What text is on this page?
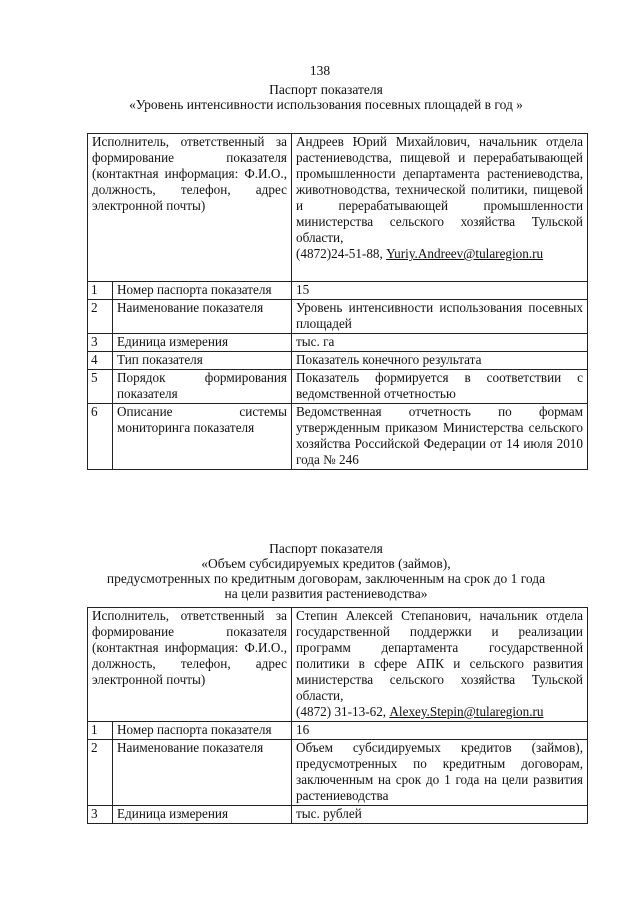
138
Паспорт показателя
«Уровень интенсивности использования посевных площадей в год »
Исполнитель, ответственный за формирование показателя (контактная информация: Ф.И.О., должность, телефон, адрес электронной почты)		Андреев Юрий Михайлович, начальник отдела растениеводства, пищевой и перерабатывающей промышленности департамента растениеводства, животноводства, технической политики, пищевой и перерабатывающей промышленности министерства сельского хозяйства Тульской области,
(4872)24-51-88, Yuriy.Andreev@tularegion.ru

1	Номер паспорта показателя	15
2	Наименование показателя	Уровень интенсивности использования посевных площадей
3	Единица измерения	тыс. га
4	Тип показателя	Показатель конечного результата
5	Порядок формирования показателя	Показатель формируется в соответствии с ведомственной отчетностью
6	Описание системы мониторинга показателя	Ведомственная отчетность по формам утвержденным приказом Министерства сельского хозяйства Российской Федерации от 14 июля 2010 года № 246
Паспорт показателя
«Объем субсидируемых кредитов (займов),
предусмотренных по кредитным договорам, заключенным на срок до 1 года
на цели развития растениеводства»
Исполнитель, ответственный за формирование показателя (контактная информация: Ф.И.О., должность, телефон, адрес электронной почты)		Степин Алексей Степанович, начальник отдела государственной поддержки и реализации программ департамента государственной политики в сфере АПК и сельского развития министерства сельского хозяйства Тульской области,
(4872) 31-13-62, Alexey.Stepin@tularegion.ru
1	Номер паспорта показателя	16
2	Наименование показателя	Объем субсидируемых кредитов (займов), предусмотренных по кредитным договорам, заключенным на срок до 1 года на цели развития растениеводства
3	Единица измерения	тыс. рублей
